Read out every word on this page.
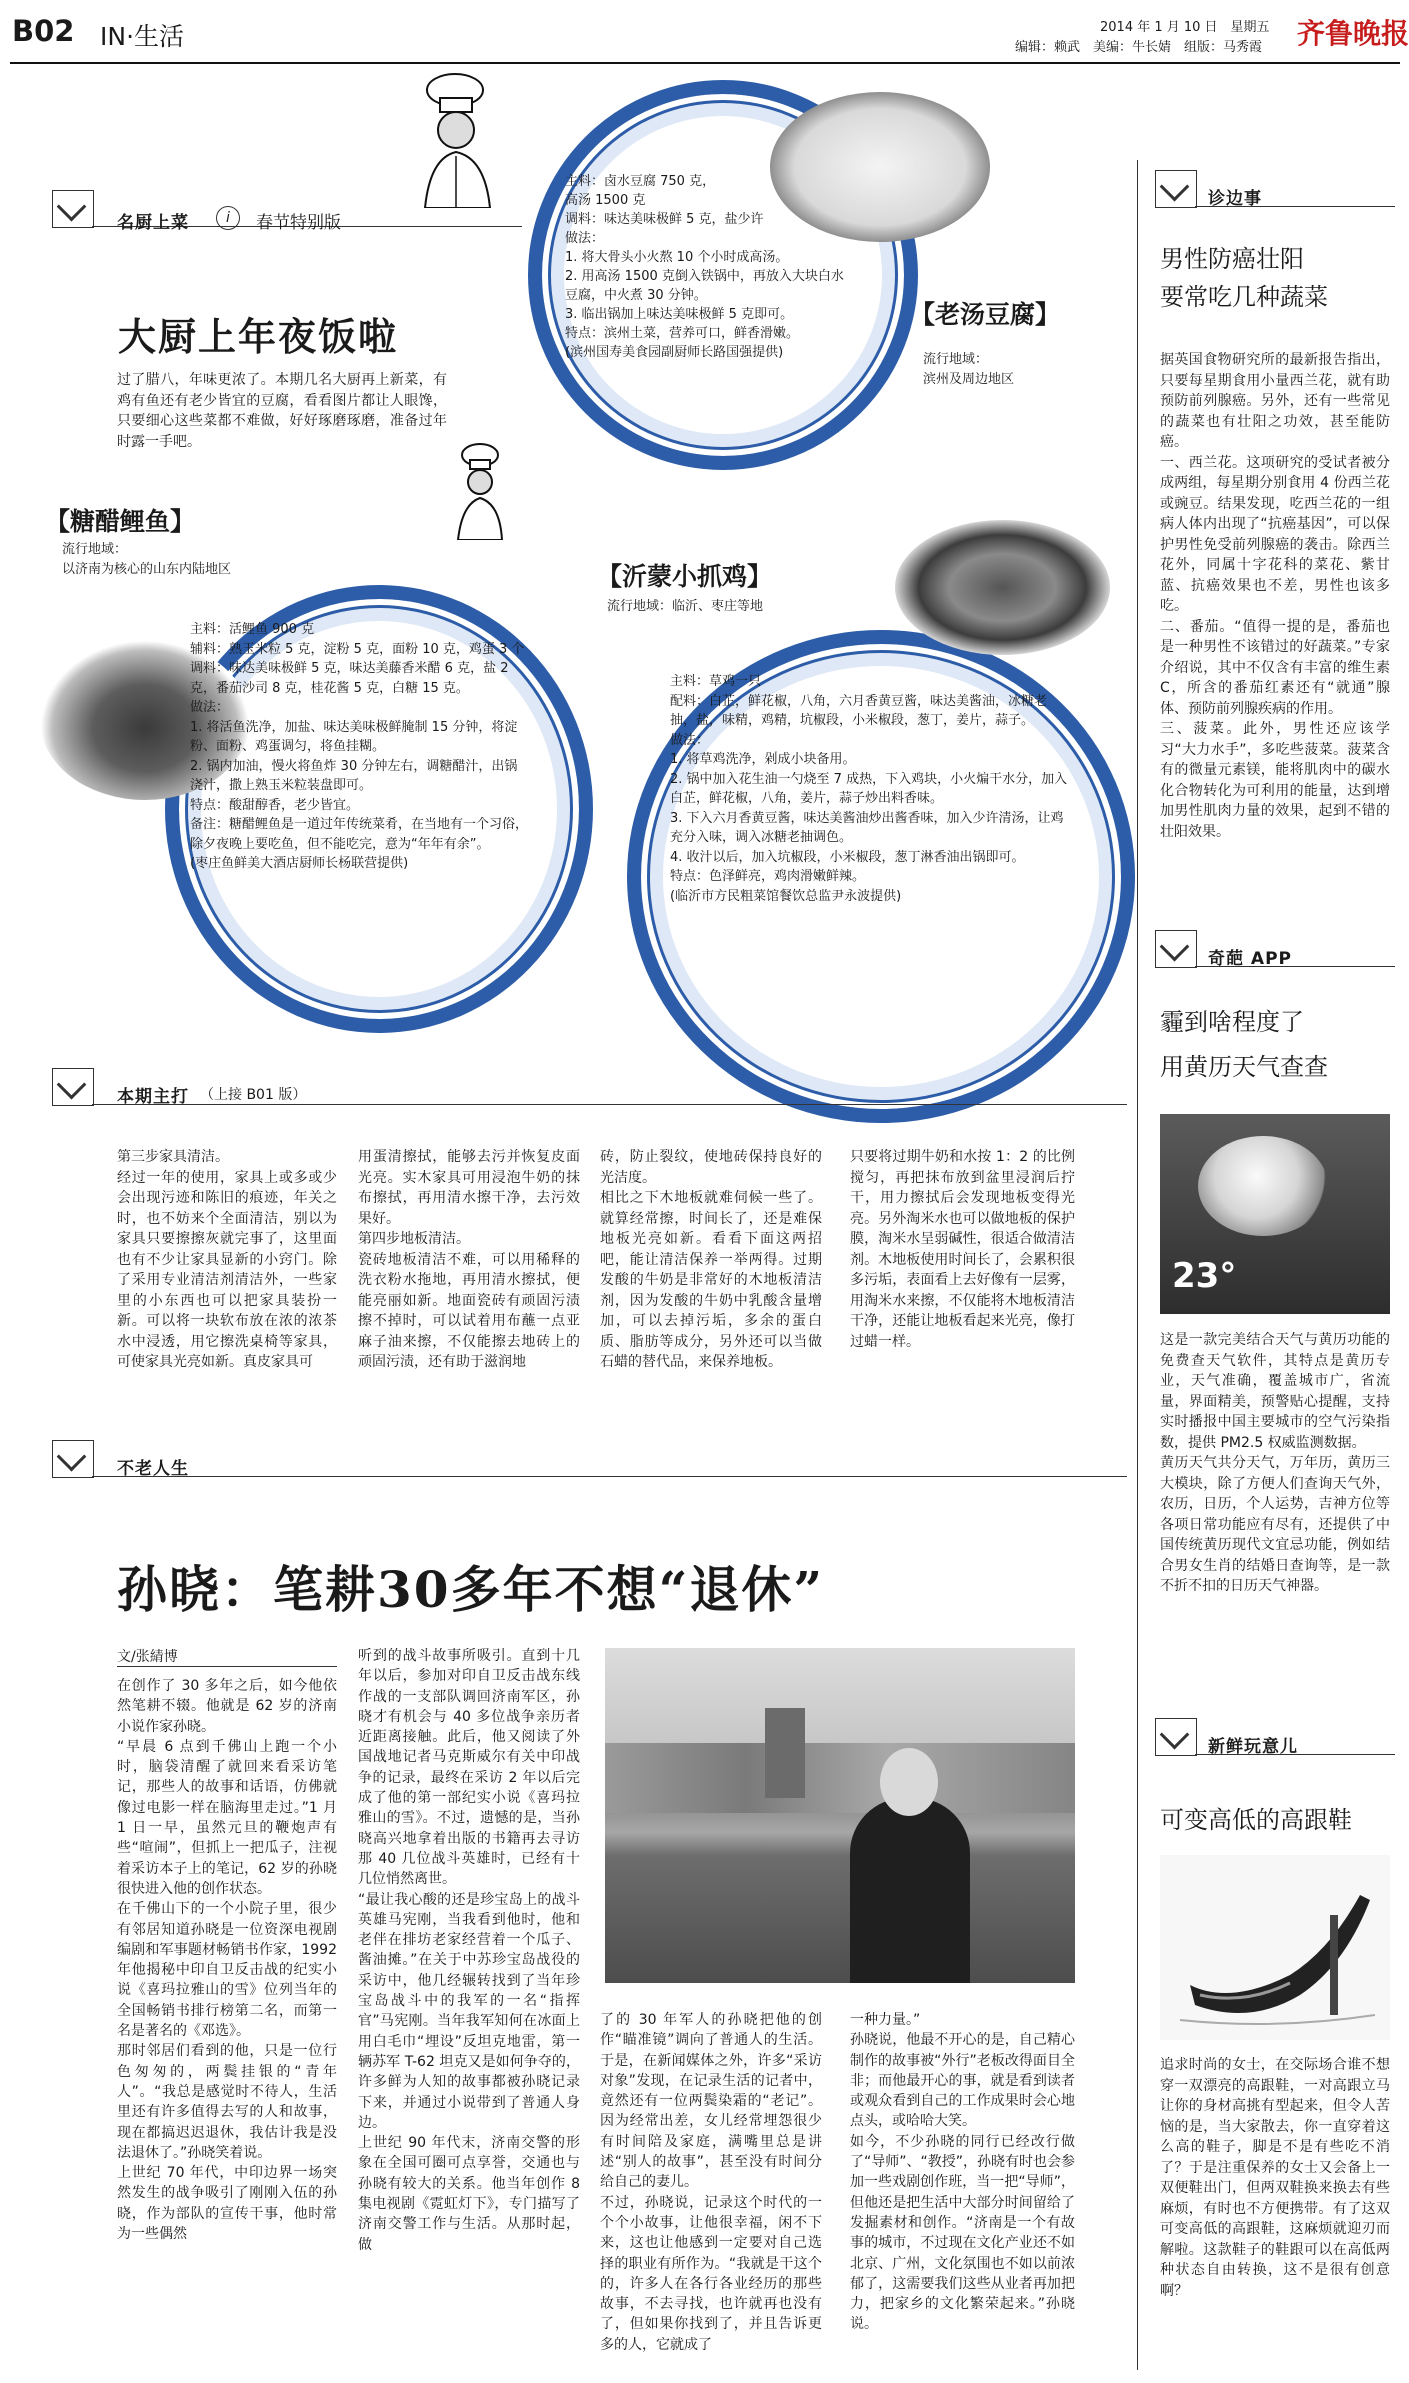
B02 IN·生活	2014 年 1 月 10 日　星期五
编辑：赖武　美编：牛长婧　组版：马秀霞 齐鲁晚报
名厨上菜	i	春节特别版
大厨上年夜饭啦
过了腊八，年味更浓了。本期几名大厨再上新菜，有鸡有鱼还有老少皆宜的豆腐，看看图片都让人眼馋，只要细心这些菜都不难做，好好琢磨琢磨，准备过年时露一手吧。
主料：卤水豆腐 750 克，
高汤 1500 克
调料：味达美味极鲜 5 克，盐少许
做法：
1. 将大骨头小火熬 10 个小时成高汤。
2. 用高汤 1500 克倒入铁锅中，再放入大块白水豆腐，中火煮 30 分钟。
3. 临出锅加上味达美味极鲜 5 克即可。
特点：滨州土菜，营养可口，鲜香滑嫩。
(滨州国寿美食园副厨师长路国强提供)
【老汤豆腐】
流行地域：
滨州及周边地区
【糖醋鲤鱼】
流行地域：
以济南为核心的山东内陆地区
主料：活鲤鱼 900 克
辅料：熟玉米粒 5 克，淀粉 5 克，面粉 10 克，鸡蛋 3 个
调料：味达美味极鲜 5 克，味达美藤香米醋 6 克，盐 2 克，番茄沙司 8 克，桂花酱 5 克，白糖 15 克。
做法：
1. 将活鱼洗净，加盐、味达美味极鲜腌制 15 分钟，将淀粉、面粉、鸡蛋调匀，将鱼挂糊。
2. 锅内加油，慢火将鱼炸 30 分钟左右，调糖醋汁，出锅浇汁，撒上熟玉米粒装盘即可。
特点：酸甜醇香，老少皆宜。
备注：糖醋鲤鱼是一道过年传统菜肴，在当地有一个习俗，除夕夜晚上要吃鱼，但不能吃完，意为“年年有余”。
(枣庄鱼鲜美大酒店厨师长杨联营提供)
【沂蒙小抓鸡】
流行地域：临沂、枣庄等地
主料：草鸡一只
配料：白芷，鲜花椒，八角，六月香黄豆酱，味达美酱油，冰糖老抽，盐，味精，鸡精，坑椒段，小米椒段，葱丁，姜片，蒜子。
做法：
1. 将草鸡洗净，剁成小块备用。
2. 锅中加入花生油一勺烧至 7 成热，下入鸡块，小火煸干水分，加入白芷，鲜花椒，八角，姜片，蒜子炒出料香味。
3. 下入六月香黄豆酱，味达美酱油炒出酱香味，加入少许清汤，让鸡充分入味，调入冰糖老抽调色。
4. 收汁以后，加入坑椒段，小米椒段，葱丁淋香油出锅即可。
特点：色泽鲜亮，鸡肉滑嫩鲜辣。
(临沂市方民粗菜馆餐饮总监尹永波提供)
本期主打 （上接 B01 版）
第三步家具清洁。
经过一年的使用，家具上或多或少会出现污迹和陈旧的痕迹，年关之时，也不妨来个全面清洁，别以为家具只要擦擦灰就完事了，这里面也有不少让家具显新的小窍门。除了采用专业清洁剂清洁外，一些家里的小东西也可以把家具装扮一新。可以将一块软布放在浓的浓茶水中浸透，用它擦洗桌椅等家具，可使家具光亮如新。真皮家具可
用蛋清擦拭，能够去污并恢复皮面光亮。实木家具可用浸泡牛奶的抹布擦拭，再用清水擦干净，去污效果好。
第四步地板清洁。
瓷砖地板清洁不难，可以用稀释的洗衣粉水拖地，再用清水擦拭，便能亮丽如新。地面瓷砖有顽固污渍擦不掉时，可以试着用布蘸一点亚麻子油来擦，不仅能擦去地砖上的顽固污渍，还有助于滋润地
砖，防止裂纹，使地砖保持良好的光洁度。
相比之下木地板就难伺候一些了。就算经常擦，时间长了，还是难保地板光亮如新。看看下面这两招吧，能让清洁保养一举两得。过期发酸的牛奶是非常好的木地板清洁剂，因为发酸的牛奶中乳酸含量增加，可以去掉污垢，多余的蛋白质、脂肪等成分，另外还可以当做石蜡的替代品，来保养地板。
只要将过期牛奶和水按 1：2 的比例搅匀，再把抹布放到盆里浸润后拧干，用力擦拭后会发现地板变得光亮。另外淘米水也可以做地板的保护膜，淘米水呈弱碱性，很适合做清洁剂。木地板使用时间长了，会累积很多污垢，表面看上去好像有一层雾，用淘米水来擦，不仅能将木地板清洁干净，还能让地板看起来光亮，像打过蜡一样。
不老人生
孙晓：笔耕30多年不想“退休”
文/张綪博
在创作了 30 多年之后，如今他依然笔耕不辍。他就是 62 岁的济南小说作家孙晓。
“早晨 6 点到千佛山上跑一个小时，脑袋清醒了就回来看采访笔记，那些人的故事和话语，仿佛就像过电影一样在脑海里走过。”1 月 1 日一早，虽然元旦的鞭炮声有些“喧闹”，但抓上一把瓜子，注视着采访本子上的笔记，62 岁的孙晓很快进入他的创作状态。
在千佛山下的一个小院子里，很少有邻居知道孙晓是一位资深电视剧编剧和军事题材畅销书作家，1992 年他揭秘中印自卫反击战的纪实小说《喜玛拉雅山的雪》位列当年的全国畅销书排行榜第二名，而第一名是著名的《邓选》。
那时邻居们看到的他，只是一位行色匆匆的，两鬓挂银的“青年人”。“我总是感觉时不待人，生活里还有许多值得去写的人和故事，现在都搞迟迟退休，我估计我是没法退休了。”孙晓笑着说。
上世纪 70 年代，中印边界一场突然发生的战争吸引了刚刚入伍的孙晓，作为部队的宣传干事，他时常为一些偶然
听到的战斗故事所吸引。直到十几年以后，参加对印自卫反击战东线作战的一支部队调回济南军区，孙晓才有机会与 40 多位战争亲历者近距离接触。此后，他又阅读了外国战地记者马克斯威尔有关中印战争的记录，最终在采访 2 年以后完成了他的第一部纪实小说《喜玛拉雅山的雪》。不过，遗憾的是，当孙晓高兴地拿着出版的书籍再去寻访那 40 几位战斗英雄时，已经有十几位悄然离世。
“最让我心酸的还是珍宝岛上的战斗英雄马宪刚，当我看到他时，他和老伴在排坊老家经营着一个瓜子、酱油摊。”在关于中苏珍宝岛战役的采访中，他几经辗转找到了当年珍宝岛战斗中的我军的一名“指挥官”马宪刚。当年我军知何在冰面上用白毛巾“埋设”反坦克地雷，第一辆苏军 T-62 坦克又是如何争夺的，许多鲜为人知的故事都被孙晓记录下来，并通过小说带到了普通人身边。
上世纪 90 年代末，济南交警的形象在全国可圈可点享誉，交通也与孙晓有较大的关系。他当年创作 8 集电视剧《霓虹灯下》，专门描写了济南交警工作与生活。从那时起，做
了的 30 年军人的孙晓把他的创作“瞄准镜”调向了普通人的生活。于是，在新闻媒体之外，许多“采访对象”发现，在记录生活的记者中，竟然还有一位两鬓染霜的“老记”。因为经常出差，女儿经常埋怨很少有时间陪及家庭，满嘴里总是讲述“别人的故事”，甚至没有时间分给自己的妻儿。
不过，孙晓说，记录这个时代的一个个小故事，让他很幸福，闲不下来，这也让他感到一定要对自己选择的职业有所作为。“我就是干这个的，许多人在各行各业经历的那些故事，不去寻找，也许就再也没有了，但如果你找到了，并且告诉更多的人，它就成了
一种力量。”
孙晓说，他最不开心的是，自己精心制作的故事被“外行”老板改得面目全非；而他最开心的事，就是看到读者或观众看到自己的工作成果时会心地点头，或哈哈大笑。
如今，不少孙晓的同行已经改行做了“导师”、“教授”，孙晓有时也会参加一些戏剧创作班，当一把“导师”，但他还是把生活中大部分时间留给了发掘素材和创作。“济南是一个有故事的城市，不过现在文化产业还不如北京、广州，文化氛围也不如以前浓郁了，这需要我们这些从业者再加把力，把家乡的文化繁荣起来。”孙晓说。
诊边事
男性防癌壮阳
要常吃几种蔬菜
据英国食物研究所的最新报告指出，只要每星期食用小量西兰花，就有助预防前列腺癌。另外，还有一些常见的蔬菜也有壮阳之功效，甚至能防癌。
一、西兰花。这项研究的受试者被分成两组，每星期分别食用 4 份西兰花或豌豆。结果发现，吃西兰花的一组病人体内出现了“抗癌基因”，可以保护男性免受前列腺癌的袭击。除西兰花外，同属十字花科的菜花、紫甘蓝、抗癌效果也不差，男性也该多吃。
二、番茄。“值得一提的是，番茄也是一种男性不该错过的好蔬菜。”专家介绍说，其中不仅含有丰富的维生素C，所含的番茄红素还有“就通”腺体、预防前列腺疾病的作用。
三、菠菜。此外，男性还应该学习“大力水手”，多吃些菠菜。菠菜含有的微量元素镁，能将肌肉中的碳水化合物转化为可利用的能量，达到增加男性肌肉力量的效果，起到不错的壮阳效果。
奇葩 APP
霾到啥程度了
用黄历天气查查
23°
这是一款完美结合天气与黄历功能的免费查天气软件，其特点是黄历专业，天气准确，覆盖城市广，省流量，界面精美，预警贴心提醒，支持实时播报中国主要城市的空气污染指数，提供 PM2.5 权威监测数据。
黄历天气共分天气，万年历，黄历三大模块，除了方便人们查询天气外，农历，日历，个人运势，吉神方位等各项日常功能应有尽有，还提供了中国传统黄历现代文宜忌功能，例如结合男女生肖的结婚日查询等，是一款不折不扣的日历天气神器。
新鲜玩意儿
可变高低的高跟鞋
追求时尚的女士，在交际场合谁不想穿一双漂亮的高跟鞋，一对高跟立马让你的身材高挑有型起来，但令人苦恼的是，当大家散去，你一直穿着这么高的鞋子，脚是不是有些吃不消了？于是注重保养的女士又会备上一双便鞋出门，但两双鞋换来换去有些麻烦，有时也不方便携带。有了这双可变高低的高跟鞋，这麻烦就迎刃而解啦。这款鞋子的鞋跟可以在高低两种状态自由转换，这不是很有创意啊？
